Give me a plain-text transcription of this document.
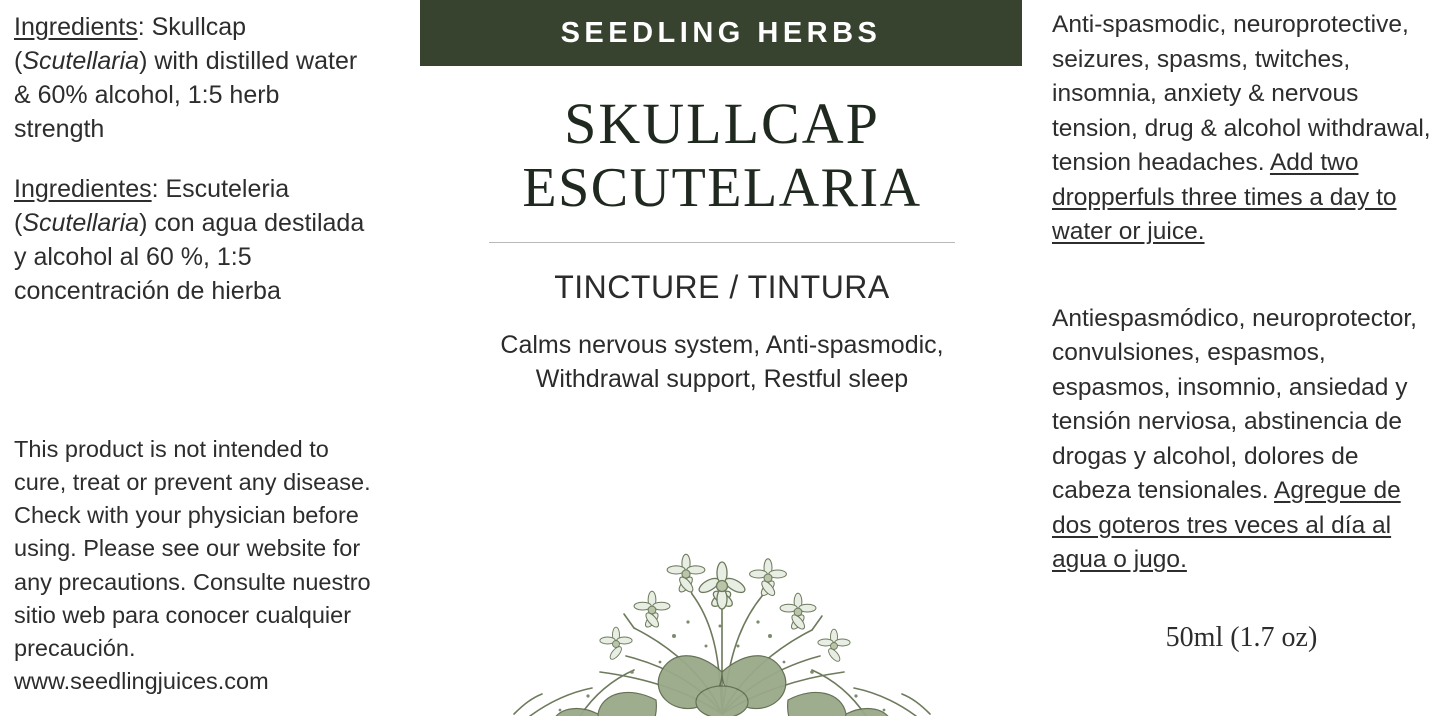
Ingredients: Skullcap (Scutellaria) with distilled water & 60% alcohol, 1:5 herb strength
Ingredientes: Escuteleria (Scutellaria) con agua destilada y alcohol al 60 %, 1:5 concentración de hierba
This product is not intended to cure, treat or prevent any disease. Check with your physician before using. Please see our website for any precautions. Consulte nuestro sitio web para conocer cualquier precaución.
www.seedlingjuices.com
SEEDLING HERBS
SKULLCAP
ESCUTELARIA
TINCTURE / TINTURA
Calms nervous system, Anti-spasmodic, Withdrawal support, Restful sleep
Anti-spasmodic, neuroprotective, seizures, spasms, twitches, insomnia, anxiety & nervous tension, drug & alcohol withdrawal, tension headaches. Add two dropperfuls three times a day to water or juice.
Antiespasmódico, neuroprotector, convulsiones, espasmos, espasmos, insomnio, ansiedad y tensión nerviosa, abstinencia de drogas y alcohol, dolores de cabeza tensionales. Agregue de dos goteros tres veces al día al agua o jugo.
50ml (1.7 oz)
